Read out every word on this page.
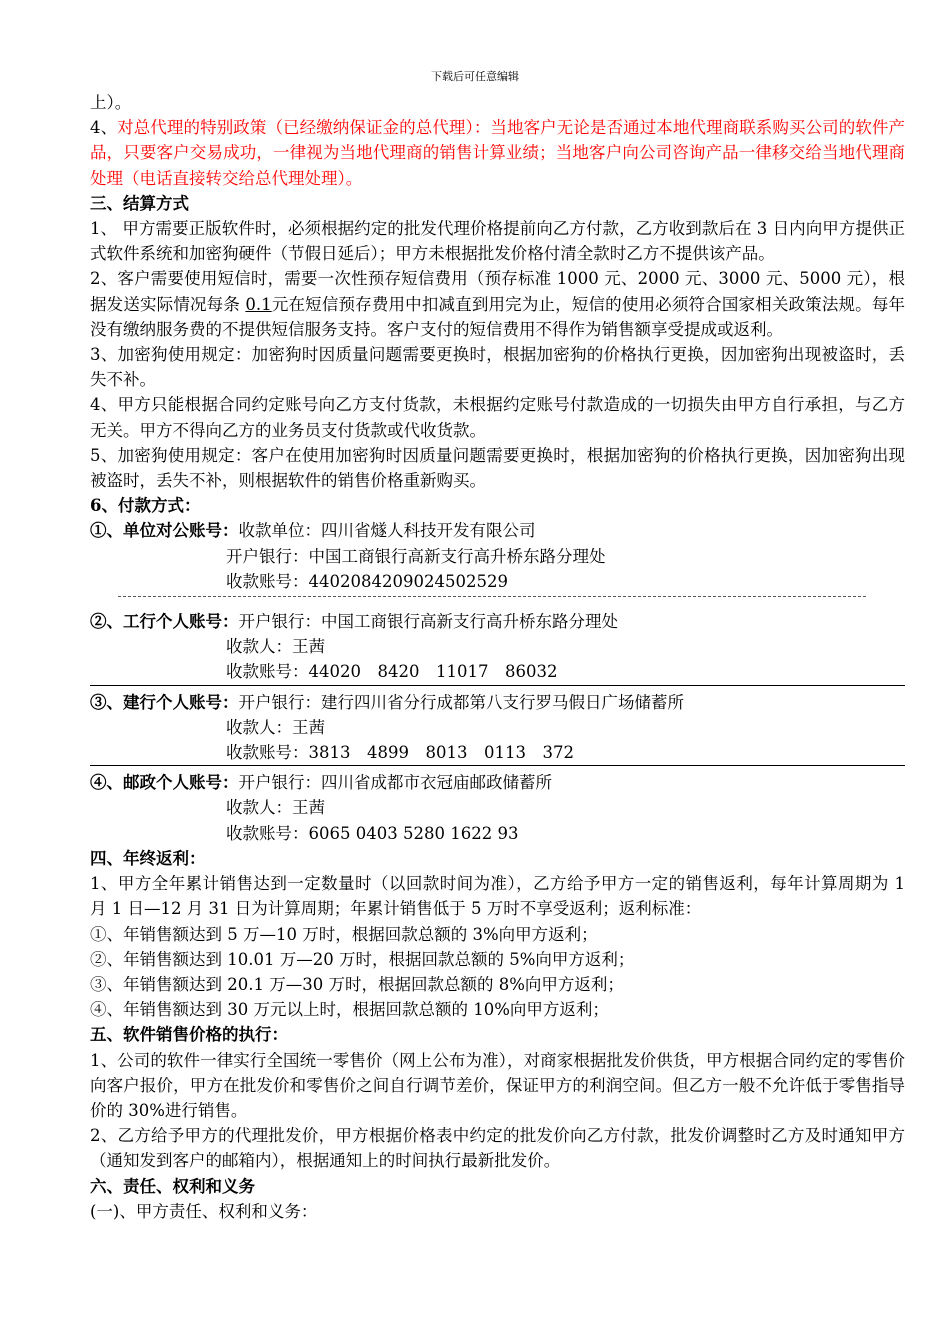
下载后可任意编辑

上）。

4、对总代理的特别政策（已经缴纳保证金的总代理）：当地客户无论是否通过本地代理商联系购买公司的软件产品，只要客户交易成功，一律视为当地代理商的销售计算业绩；当地客户向公司咨询产品一律移交给当地代理商处理（电话直接转交给总代理处理）。

三、结算方式

1、 甲方需要正版软件时，必须根据约定的批发代理价格提前向乙方付款，乙方收到款后在 3 日内向甲方提供正式软件系统和加密狗硬件（节假日延后）；甲方未根据批发价格付清全款时乙方不提供该产品。

2、客户需要使用短信时，需要一次性预存短信费用（预存标准 1000 元、2000 元、3000 元、5000 元），根据发送实际情况每条 0.1元在短信预存费用中扣减直到用完为止，短信的使用必须符合国家相关政策法规。每年没有缴纳服务费的不提供短信服务支持。客户支付的短信费用不得作为销售额享受提成或返利。

3、加密狗使用规定：加密狗时因质量问题需要更换时，根据加密狗的价格执行更换，因加密狗出现被盗时，丢失不补。

4、甲方只能根据合同约定账号向乙方支付货款，未根据约定账号付款造成的一切损失由甲方自行承担，与乙方无关。甲方不得向乙方的业务员支付货款或代收货款。

5、加密狗使用规定：客户在使用加密狗时因质量问题需要更换时，根据加密狗的价格执行更换，因加密狗出现被盗时，丢失不补，则根据软件的销售价格重新购买。

6、付款方式：

①、单位对公账号：收款单位：四川省燧人科技开发有限公司

开户银行：中国工商银行高新支行高升桥东路分理处

收款账号：4402084209024502529

②、工行个人账号：开户银行：中国工商银行高新支行高升桥东路分理处

收款人：王茜

收款账号：44020　8420　11017　86032

③、建行个人账号：开户银行：建行四川省分行成都第八支行罗马假日广场储蓄所

收款人：王茜

收款账号：3813　4899　8013　0113　372

④、邮政个人账号：开户银行：四川省成都市衣冠庙邮政储蓄所

收款人：王茜

收款账号：6065 0403 5280 1622 93

四、年终返利：

1、甲方全年累计销售达到一定数量时（以回款时间为准），乙方给予甲方一定的销售返利，每年计算周期为 1 月 1 日—12 月 31 日为计算周期；年累计销售低于 5 万时不享受返利；返利标准：

①、年销售额达到 5 万—10 万时，根据回款总额的 3%向甲方返利；

②、年销售额达到 10.01 万—20 万时，根据回款总额的 5%向甲方返利；

③、年销售额达到 20.1 万—30 万时，根据回款总额的 8%向甲方返利；

④、年销售额达到 30 万元以上时，根据回款总额的 10%向甲方返利；

五、软件销售价格的执行：

1、公司的软件一律实行全国统一零售价（网上公布为准），对商家根据批发价供货，甲方根据合同约定的零售价向客户报价，甲方在批发价和零售价之间自行调节差价，保证甲方的利润空间。但乙方一般不允许低于零售指导价的 30%进行销售。

2、乙方给予甲方的代理批发价，甲方根据价格表中约定的批发价向乙方付款，批发价调整时乙方及时通知甲方（通知发到客户的邮箱内），根据通知上的时间执行最新批发价。

六、责任、权利和义务

(一)、甲方责任、权利和义务：
